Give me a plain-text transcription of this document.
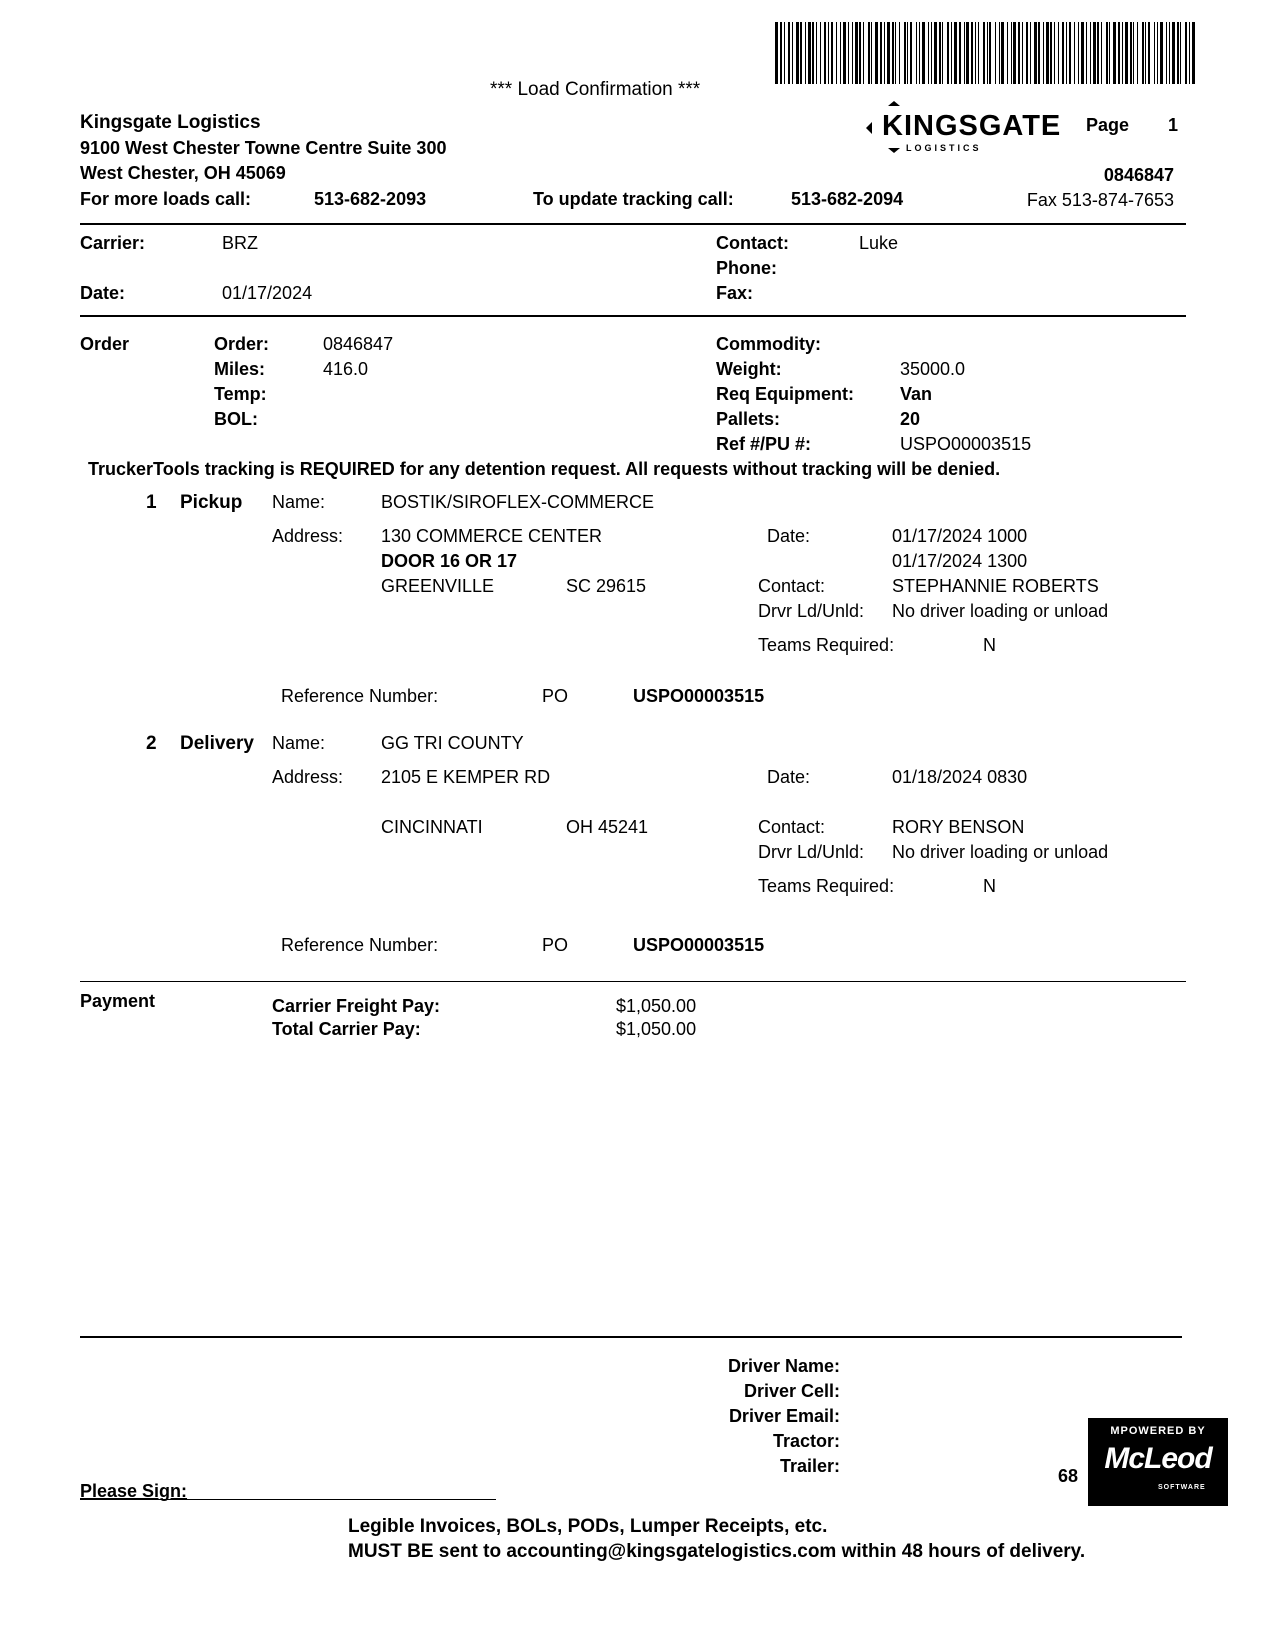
*** Load Confirmation ***
Kingsgate Logistics
9100 West Chester Towne Centre Suite 300
West Chester, OH 45069
For more loads call:	513-682-2093	To update tracking call:	513-682-2094
KINGSGATE
LOGISTICS
Page 1
0846847
Fax 513-874-7653
Carrier:	BRZ
Date:	01/17/2024
Contact:	Luke
Phone:
Fax:
Order	Order:	0846847
Miles:	416.0
Temp:
BOL:
Commodity:
Weight:	35000.0
Req Equipment:	Van
Pallets:	20
Ref #/PU #:	USPO00003515
TruckerTools tracking is REQUIRED for any detention request. All requests without tracking will be denied.
1 Pickup Name:	BOSTIK/SIROFLEX-COMMERCE
Address: 130 COMMERCE CENTER
DOOR 16 OR 17
GREENVILLE	SC 29615
Date:	01/17/2024 1000
01/17/2024 1300
Contact:	STEPHANNIE ROBERTS
Drvr Ld/Unld: No driver loading or unload
Teams Required:	N
Reference Number:	PO	USPO00003515
2 Delivery Name:	GG TRI COUNTY
Address: 2105 E KEMPER RD
CINCINNATI	OH 45241
Date:	01/18/2024 0830
Contact:	RORY BENSON
Drvr Ld/Unld: No driver loading or unload
Teams Required:	N
Reference Number:	PO	USPO00003515
Payment	Carrier Freight Pay:	$1,050.00
Total Carrier Pay:	$1,050.00
Driver Name:
Driver Cell:
Driver Email:
Tractor:
Trailer:	68
MPOWERED BY
McLeod
SOFTWARE
Please Sign:
Legible Invoices, BOLs, PODs, Lumper Receipts, etc.
MUST BE sent to accounting@kingsgatelogistics.com within 48 hours of delivery.
